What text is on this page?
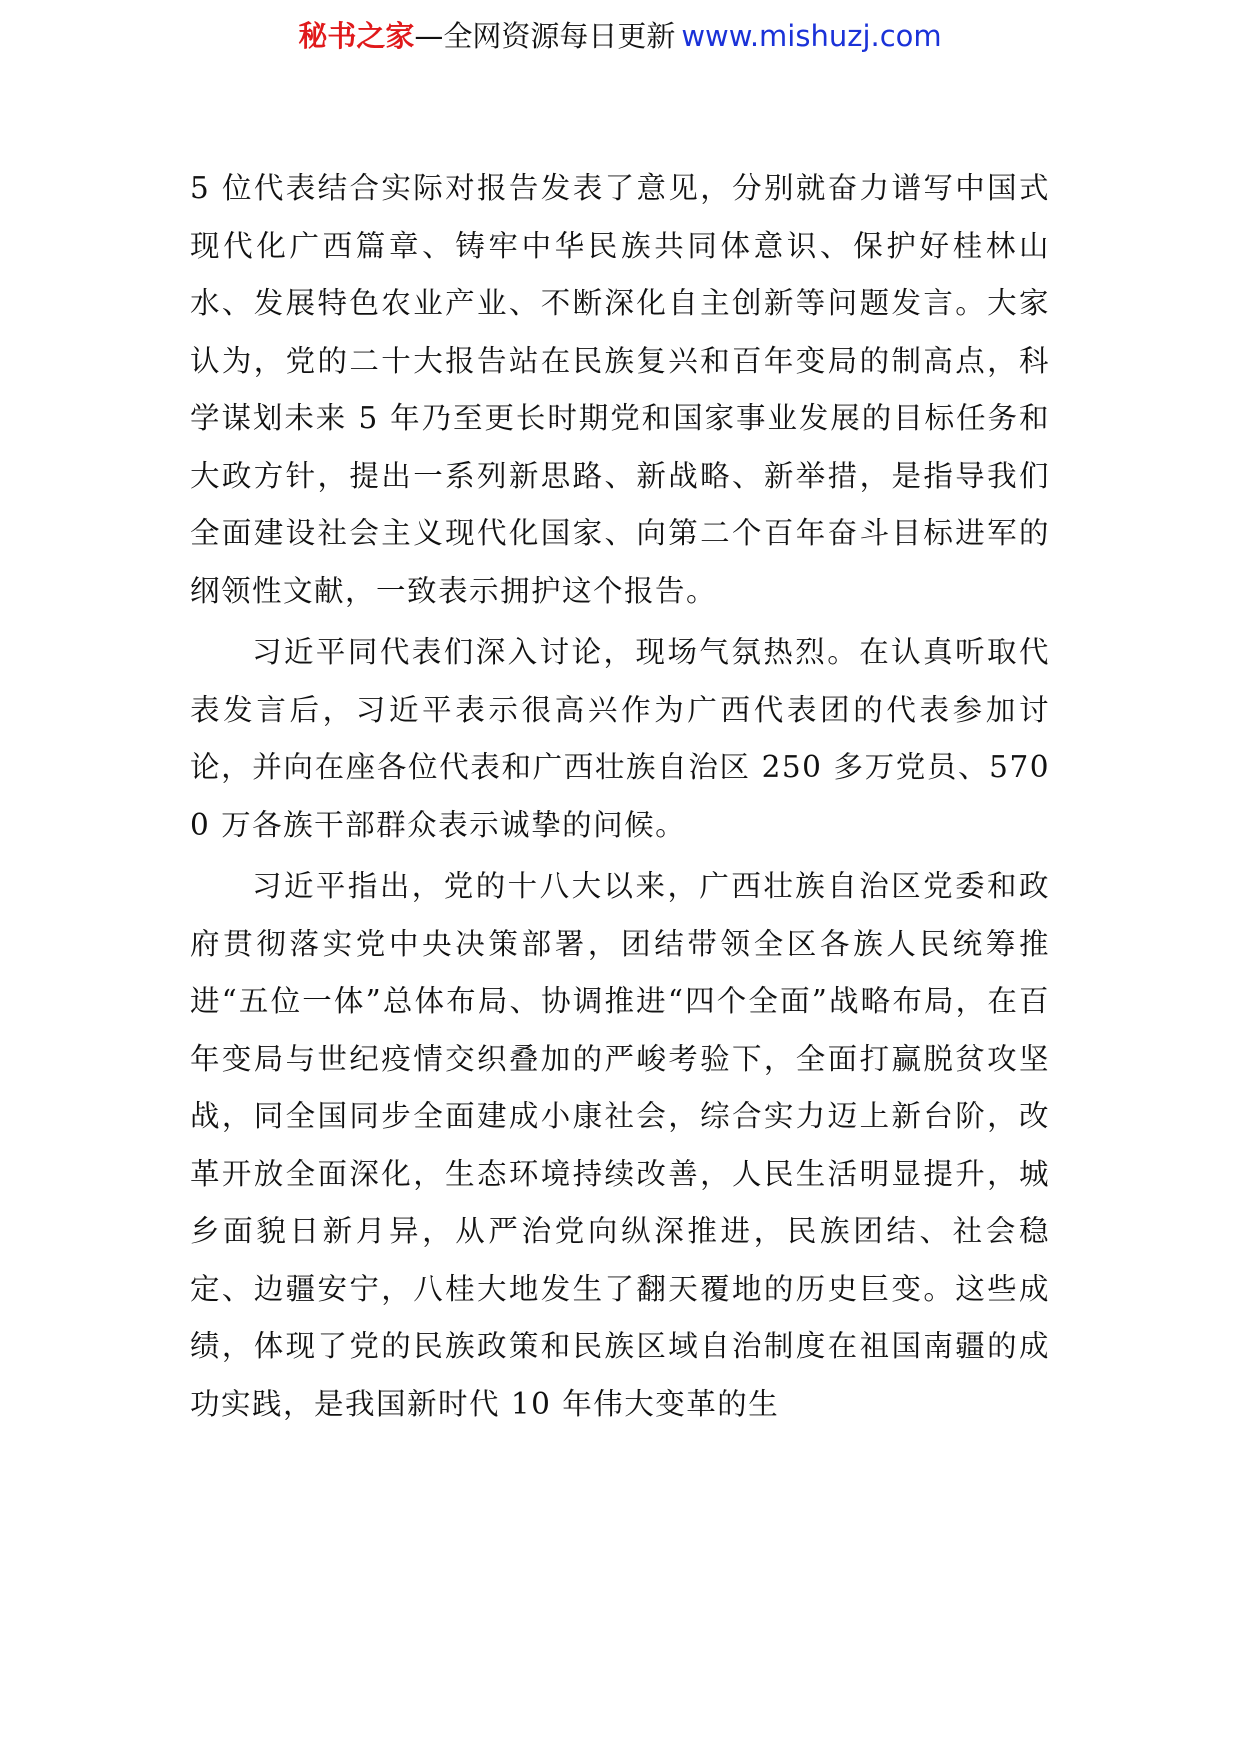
秘书之家—全网资源每日更新 www.mishuzj.com

5 位代表结合实际对报告发表了意见，分别就奋力谱写中国式现代化广西篇章、铸牢中华民族共同体意识、保护好桂林山水、发展特色农业产业、不断深化自主创新等问题发言。大家认为，党的二十大报告站在民族复兴和百年变局的制高点，科学谋划未来 5 年乃至更长时期党和国家事业发展的目标任务和大政方针，提出一系列新思路、新战略、新举措，是指导我们全面建设社会主义现代化国家、向第二个百年奋斗目标进军的纲领性文献，一致表示拥护这个报告。

习近平同代表们深入讨论，现场气氛热烈。在认真听取代表发言后，习近平表示很高兴作为广西代表团的代表参加讨论，并向在座各位代表和广西壮族自治区 250 多万党员、5700 万各族干部群众表示诚挚的问候。

习近平指出，党的十八大以来，广西壮族自治区党委和政府贯彻落实党中央决策部署，团结带领全区各族人民统筹推进“五位一体”总体布局、协调推进“四个全面”战略布局，在百年变局与世纪疫情交织叠加的严峻考验下，全面打赢脱贫攻坚战，同全国同步全面建成小康社会，综合实力迈上新台阶，改革开放全面深化，生态环境持续改善，人民生活明显提升，城乡面貌日新月异，从严治党向纵深推进，民族团结、社会稳定、边疆安宁，八桂大地发生了翻天覆地的历史巨变。这些成绩，体现了党的民族政策和民族区域自治制度在祖国南疆的成功实践，是我国新时代 10 年伟大变革的生
